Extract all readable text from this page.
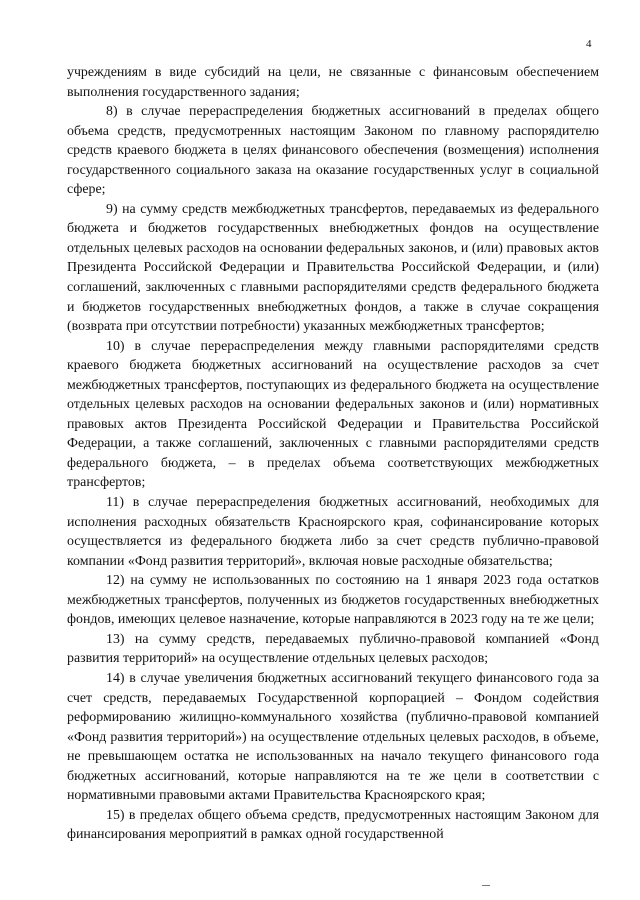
4

учреждениям в виде субсидий на цели, не связанные с финансовым обеспечением выполнения государственного задания;

8) в случае перераспределения бюджетных ассигнований в пределах общего объема средств, предусмотренных настоящим Законом по главному распорядителю средств краевого бюджета в целях финансового обеспечения (возмещения) исполнения государственного социального заказа на оказание государственных услуг в социальной сфере;

9) на сумму средств межбюджетных трансфертов, передаваемых из федерального бюджета и бюджетов государственных внебюджетных фондов на осуществление отдельных целевых расходов на основании федеральных законов, и (или) правовых актов Президента Российской Федерации и Правительства Российской Федерации, и (или) соглашений, заключенных с главными распорядителями средств федерального бюджета и бюджетов государственных внебюджетных фондов, а также в случае сокращения (возврата при отсутствии потребности) указанных межбюджетных трансфертов;

10) в случае перераспределения между главными распорядителями средств краевого бюджета бюджетных ассигнований на осуществление расходов за счет межбюджетных трансфертов, поступающих из федерального бюджета на осуществление отдельных целевых расходов на основании федеральных законов и (или) нормативных правовых актов Президента Российской Федерации и Правительства Российской Федерации, а также соглашений, заключенных с главными распорядителями средств федерального бюджета, – в пределах объема соответствующих межбюджетных трансфертов;

11) в случае перераспределения бюджетных ассигнований, необходимых для исполнения расходных обязательств Красноярского края, софинансирование которых осуществляется из федерального бюджета либо за счет средств публично-правовой компании «Фонд развития территорий», включая новые расходные обязательства;

12) на сумму не использованных по состоянию на 1 января 2023 года остатков межбюджетных трансфертов, полученных из бюджетов государственных внебюджетных фондов, имеющих целевое назначение, которые направляются в 2023 году на те же цели;

13) на сумму средств, передаваемых публично-правовой компанией «Фонд развития территорий» на осуществление отдельных целевых расходов;

14) в случае увеличения бюджетных ассигнований текущего финансового года за счет средств, передаваемых Государственной корпорацией – Фондом содействия реформированию жилищно-коммунального хозяйства (публично-правовой компанией «Фонд развития территорий») на осуществление отдельных целевых расходов, в объеме, не превышающем остатка не использованных на начало текущего финансового года бюджетных ассигнований, которые направляются на те же цели в соответствии с нормативными правовыми актами Правительства Красноярского края;

15) в пределах общего объема средств, предусмотренных настоящим Законом для финансирования мероприятий в рамках одной государственной
